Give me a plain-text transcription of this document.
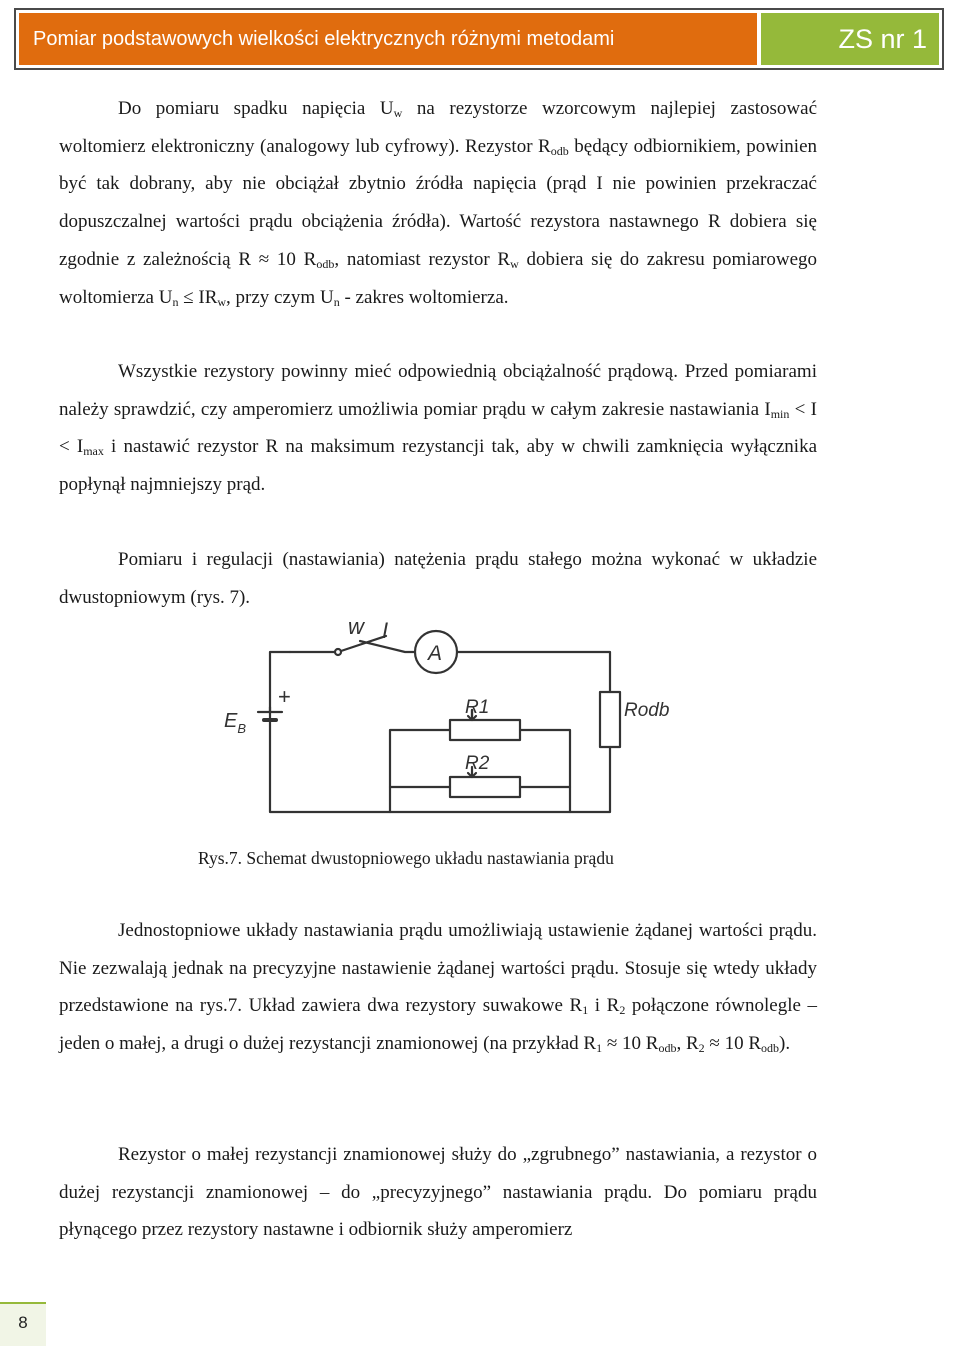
Pomiar podstawowych wielkości elektrycznych różnymi metodami	ZS nr 1

Do pomiaru spadku napięcia $U_w$ na rezystorze wzorcowym najlepiej zastosować woltomierz elektroniczny (analogowy lub cyfrowy). Rezystor $R_{odb}$ będący odbiornikiem, powinien być tak dobrany, aby nie obciążał zbytnio źródła napięcia (prąd I nie powinien przekraczać dopuszczalnej wartości prądu obciążenia źródła). Wartość rezystora nastawnego R dobiera się zgodnie z zależnością R ≈ 10 $R_{odb}$, natomiast rezystor $R_w$ dobiera się do zakresu pomiarowego woltomierza $U_n \le IR_w$, przy czym $U_n$ - zakres woltomierza.

Wszystkie rezystory powinny mieć odpowiednią obciążalność prądową. Przed pomiarami należy sprawdzić, czy amperomierz umożliwia pomiar prądu w całym zakresie nastawiania $I_{min} < I < I_{max}$ i nastawić rezystor R na maksimum rezystancji tak, aby w chwili zamknięcia wyłącznika popłynął najmniejszy prąd.

Pomiaru i regulacji (nastawiania) natężenia prądu stałego można wykonać w układzie dwustopniowym (rys. 7).

w I
A
+
$E_B$
R1
R2
Rodb
Rys.7. Schemat dwustopniowego układu nastawiania prądu

Jednostopniowe układy nastawiania prądu umożliwiają ustawienie żądanej wartości prądu. Nie zezwalają jednak na precyzyjne nastawienie żądanej wartości prądu. Stosuje się wtedy układy przedstawione na rys.7. Układ zawiera dwa rezystory suwakowe $R_1$ i $R_2$ połączone równolegle – jeden o małej, a drugi o dużej rezystancji znamionowej (na przykład $R_1 \approx 10$ $R_{odb}$, $R_2 \approx 10$ $R_{odb}$).

Rezystor o małej rezystancji znamionowej służy do „zgrubnego” nastawiania, a rezystor o dużej rezystancji znamionowej – do „precyzyjnego” nastawiania prądu. Do pomiaru prądu płynącego przez rezystory nastawne i odbiornik służy amperomierz

8
